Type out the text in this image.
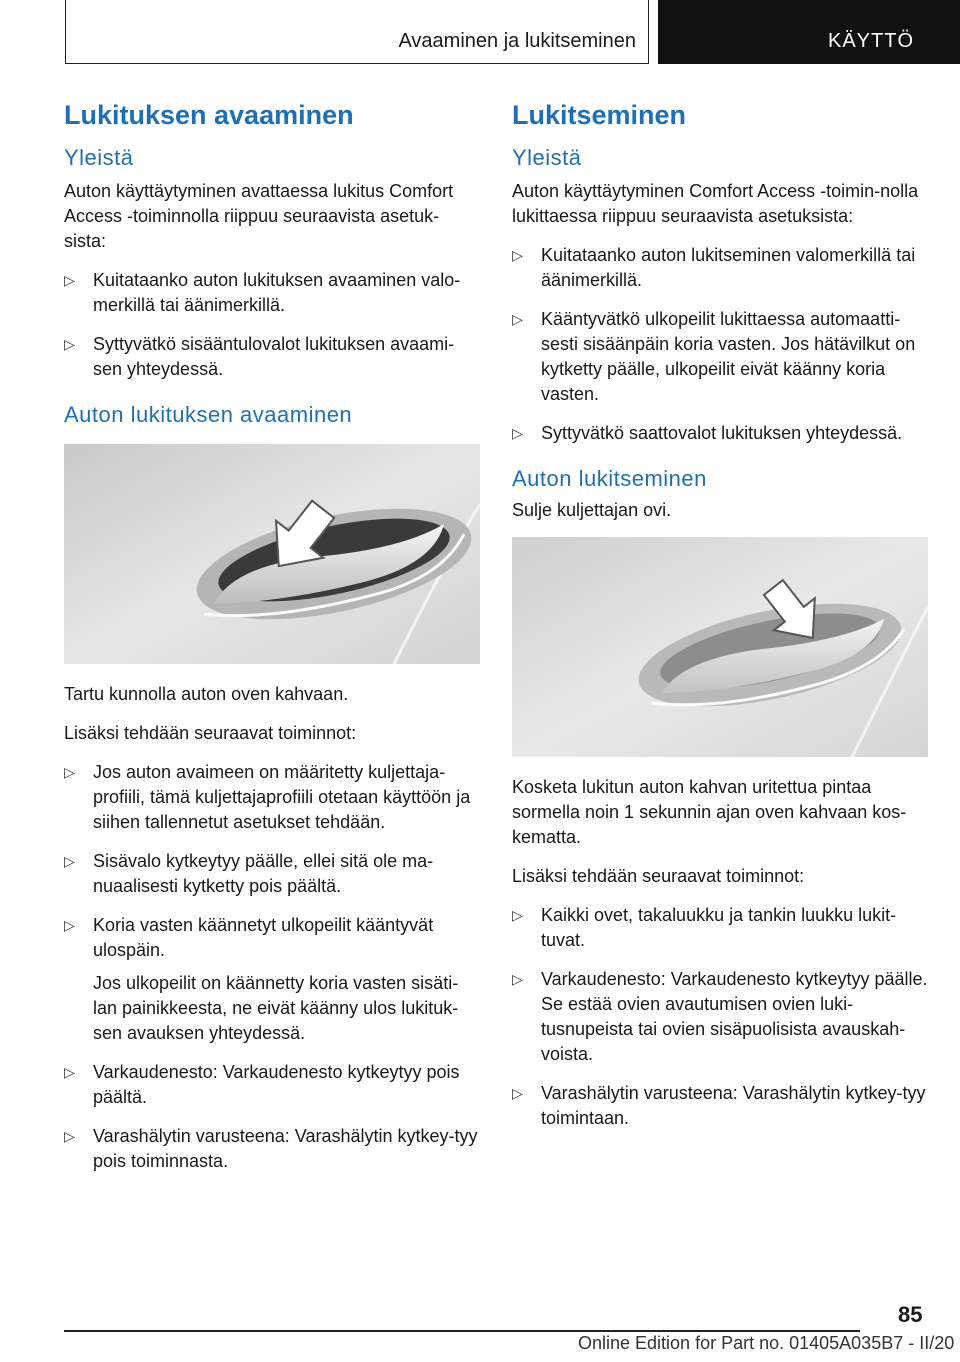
Avaaminen ja lukitseminen	KÄYTTÖ
Lukituksen avaaminen
Yleistä

Auton käyttäytyminen avattaessa lukitus Comfort Access -toiminnolla riippuu seuraavista asetuk-sista:

▷ Kuitataanko auton lukituksen avaaminen valo-merkillä tai äänimerkillä.
▷ Syttyvätkö sisääntulovalot lukituksen avaami-sen yhteydessä.
Auton lukituksen avaaminen

Tartu kunnolla auton oven kahvaan.

Lisäksi tehdään seuraavat toiminnot:

▷ Jos auton avaimeen on määritetty kuljettaja-profiili, tämä kuljettajaprofiili otetaan käyttöön ja siihen tallennetut asetukset tehdään.
▷ Sisävalo kytkeytyy päälle, ellei sitä ole ma-nuaalisesti kytketty pois päältä.
▷ Koria vasten käännetyt ulkopeilit kääntyvät ulospäin.
Jos ulkopeilit on käännetty koria vasten sisäti-lan painikkeesta, ne eivät käänny ulos lukituk-sen avauksen yhteydessä.
▷ Varkaudenesto: Varkaudenesto kytkeytyy pois päältä.
▷ Varashälytin varusteena: Varashälytin kytkey-tyy pois toiminnasta.
Lukitseminen
Yleistä

Auton käyttäytyminen Comfort Access -toimin-nolla lukittaessa riippuu seuraavista asetuksista:

▷ Kuitataanko auton lukitseminen valomerkillä tai äänimerkillä.
▷ Kääntyvätkö ulkopeilit lukittaessa automaatti-sesti sisäänpäin koria vasten. Jos hätävilkut on kytketty päälle, ulkopeilit eivät käänny koria vasten.
▷ Syttyvätkö saattovalot lukituksen yhteydessä.
Auton lukitseminen

Sulje kuljettajan ovi.

Kosketa lukitun auton kahvan uritettua pintaa sormella noin 1 sekunnin ajan oven kahvaan kos-kematta.

Lisäksi tehdään seuraavat toiminnot:

▷ Kaikki ovet, takaluukku ja tankin luukku lukit-tuvat.
▷ Varkaudenesto: Varkaudenesto kytkeytyy päälle. Se estää ovien avautumisen ovien luki-tusnupeista tai ovien sisäpuolisista avauskah-voista.
▷ Varashälytin varusteena: Varashälytin kytkey-tyy toimintaan.
85
Online Edition for Part no. 01405A035B7 - II/20
